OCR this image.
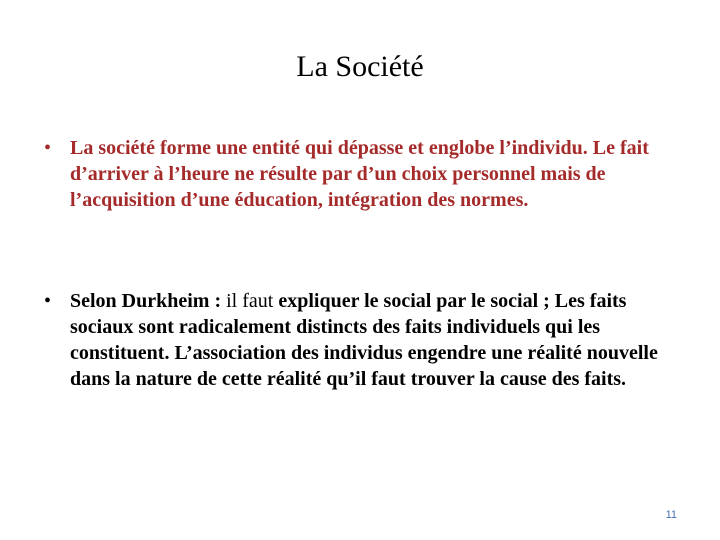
La Société
• La société forme une entité qui dépasse et englobe l’individu. Le fait d’arriver à l’heure ne résulte par d’un choix personnel mais de l’acquisition d’une éducation, intégration des normes.
• Selon Durkheim : il faut expliquer le social par le social ; Les faits sociaux sont radicalement distincts des faits individuels qui les constituent. L’association des individus engendre une réalité nouvelle dans la nature de cette réalité qu’il faut trouver la cause des faits.
11
